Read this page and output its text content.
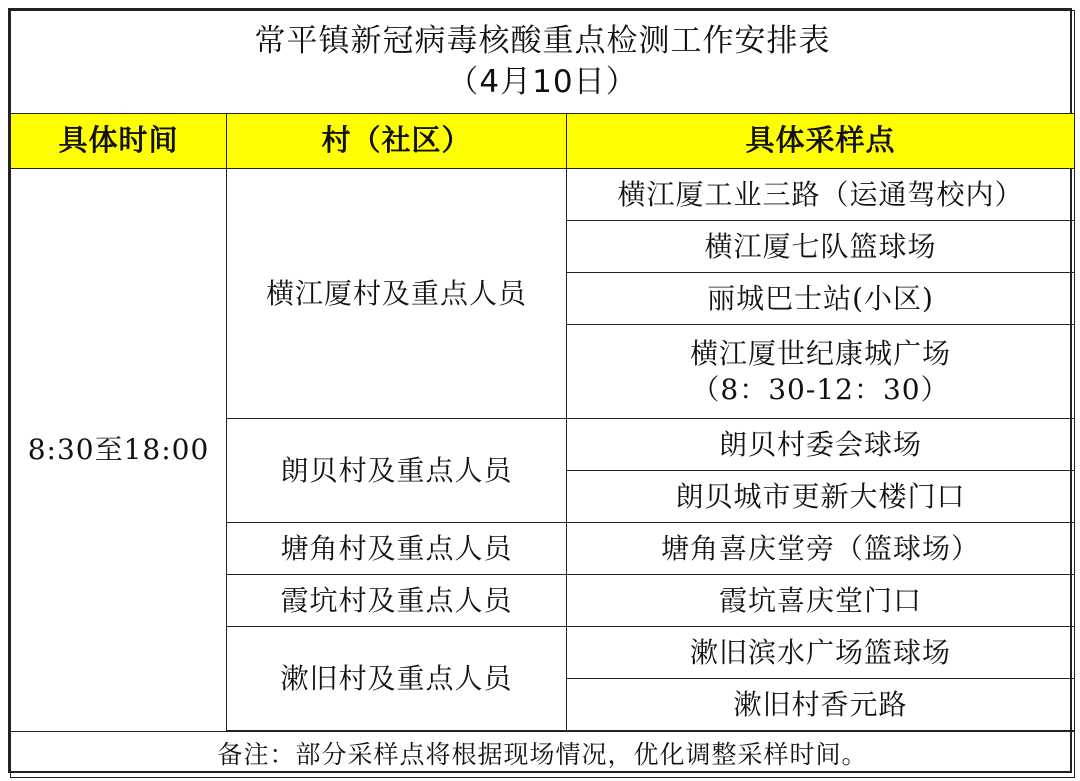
常平镇新冠病毒核酸重点检测工作安排表
（4月10日）		

具体时间	村（社区）	具体采样点
8:30至18:00	横江厦村及重点人员	横江厦工业三路（运通驾校内）
		横江厦七队篮球场
		丽城巴士站(小区)

		横江厦世纪康城广场
（8：30-12：30）

	朗贝村及重点人员	朗贝村委会球场
		朗贝城市更新大楼门口
	塘角村及重点人员	塘角喜庆堂旁（篮球场）
	霞坑村及重点人员	霞坑喜庆堂门口
	漱旧村及重点人员	漱旧滨水广场篮球场
		漱旧村香元路

备注：部分采样点将根据现场情况，优化调整采样时间。		
